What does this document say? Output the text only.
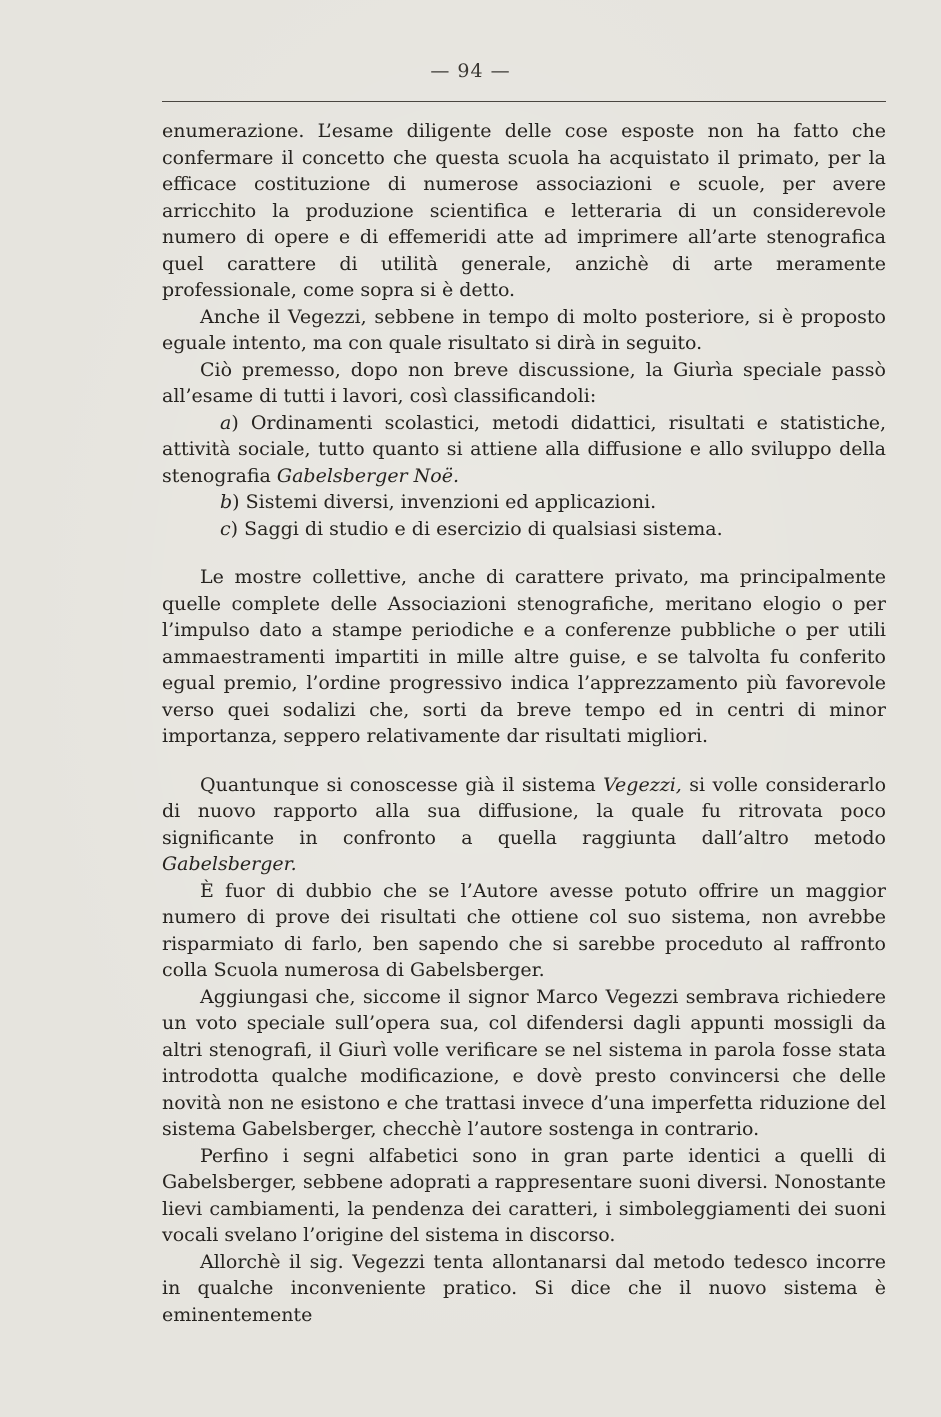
— 94 —

enumerazione. L’esame diligente delle cose esposte non ha fatto che confermare il concetto che questa scuola ha acquistato il primato, per la efficace costituzione di numerose associazioni e scuole, per avere arricchito la produzione scientifica e letteraria di un considerevole numero di opere e di effemeridi atte ad imprimere all’arte stenografica quel carattere di utilità generale, anzichè di arte meramente professionale, come sopra si è detto.

Anche il Vegezzi, sebbene in tempo di molto posteriore, si è proposto eguale intento, ma con quale risultato si dirà in seguito.

Ciò premesso, dopo non breve discussione, la Giurìa speciale passò all’esame di tutti i lavori, così classificandoli:

a) Ordinamenti scolastici, metodi didattici, risultati e statistiche, attività sociale, tutto quanto si attiene alla diffusione e allo sviluppo della stenografia Gabelsberger Noë.

b) Sistemi diversi, invenzioni ed applicazioni.

c) Saggi di studio e di esercizio di qualsiasi sistema.

Le mostre collettive, anche di carattere privato, ma principalmente quelle complete delle Associazioni stenografiche, meritano elogio o per l’impulso dato a stampe periodiche e a conferenze pubbliche o per utili ammaestramenti impartiti in mille altre guise, e se talvolta fu conferito egual premio, l’ordine progressivo indica l’apprezzamento più favorevole verso quei sodalizi che, sorti da breve tempo ed in centri di minor importanza, seppero relativamente dar risultati migliori.

Quantunque si conoscesse già il sistema Vegezzi, si volle considerarlo di nuovo rapporto alla sua diffusione, la quale fu ritrovata poco significante in confronto a quella raggiunta dall’altro metodo Gabelsberger.

È fuor di dubbio che se l’Autore avesse potuto offrire un maggior numero di prove dei risultati che ottiene col suo sistema, non avrebbe risparmiato di farlo, ben sapendo che si sarebbe proceduto al raffronto colla Scuola numerosa di Gabelsberger.

Aggiungasi che, siccome il signor Marco Vegezzi sembrava richiedere un voto speciale sull’opera sua, col difendersi dagli appunti mossigli da altri stenografi, il Giurì volle verificare se nel sistema in parola fosse stata introdotta qualche modificazione, e dovè presto convincersi che delle novità non ne esistono e che trattasi invece d’una imperfetta riduzione del sistema Gabelsberger, checchè l’autore sostenga in contrario.

Perfino i segni alfabetici sono in gran parte identici a quelli di Gabelsberger, sebbene adoprati a rappresentare suoni diversi. Nonostante lievi cambiamenti, la pendenza dei caratteri, i simboleggiamenti dei suoni vocali svelano l’origine del sistema in discorso.

Allorchè il sig. Vegezzi tenta allontanarsi dal metodo tedesco incorre in qualche inconveniente pratico. Si dice che il nuovo sistema è eminentemente
